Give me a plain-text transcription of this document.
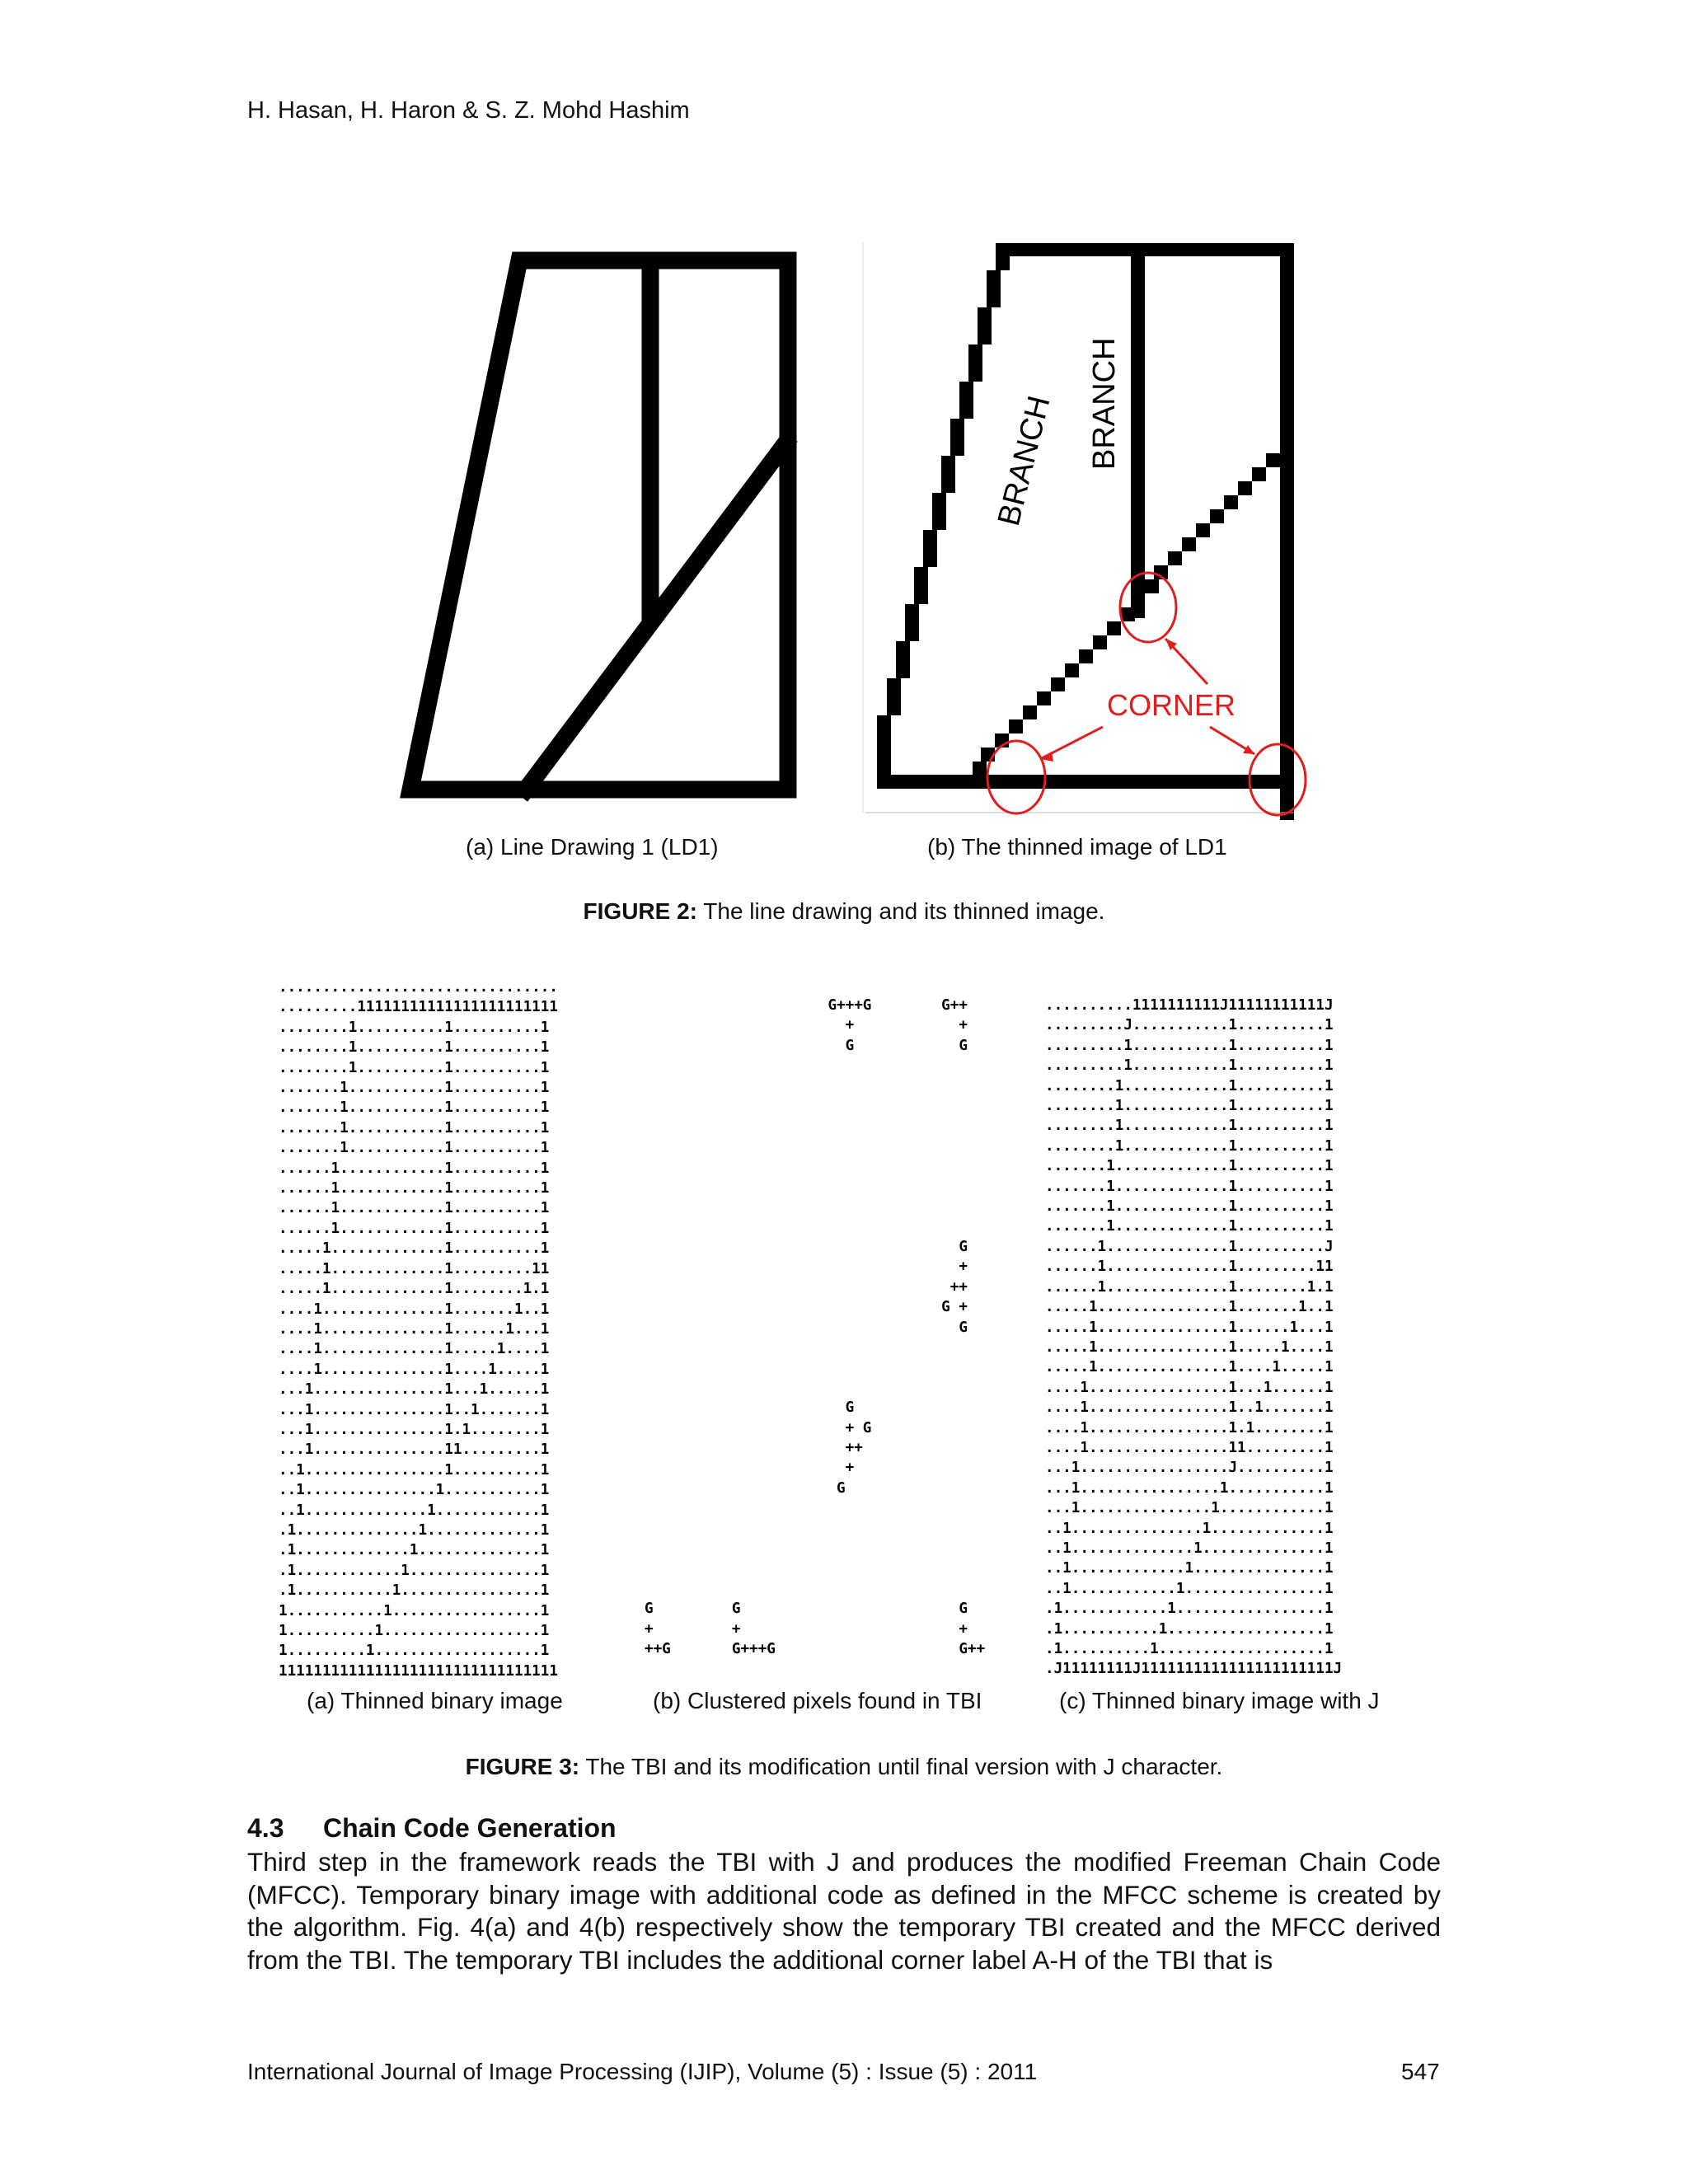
H. Hasan, H. Haron & S. Z. Mohd Hashim
BRANCH BRANCH
CORNER
(a) Line Drawing 1 (LD1)	(b) The thinned image of LD1
FIGURE 2: The line drawing and its thinned image.
................................
.........11111111111111111111111
........1..........1..........1
........1..........1..........1
........1..........1..........1
.......1...........1..........1
.......1...........1..........1
.......1...........1..........1
.......1...........1..........1
......1............1..........1
......1............1..........1
......1............1..........1
......1............1..........1
.....1.............1..........1
.....1.............1.........11
.....1.............1........1.1
....1..............1.......1..1
....1..............1......1...1
....1..............1.....1....1
....1..............1....1.....1
...1...............1...1......1
...1...............1..1.......1
...1...............1.1........1
...1...............11.........1
..1................1..........1
..1...............1...........1
..1..............1............1
.1..............1.............1
.1.............1..............1
.1............1...............1
.1...........1................1
1...........1.................1
1..........1..................1
1.........1...................1
11111111111111111111111111111111
G+++G        G++
+            +
G            G

G
+
++
G +
G

G
+ G
++
+
G

G         G                         G
+         +                         +
++G       G+++G                     G++
..........1111111111J11111111111J
.........J...........1..........1
.........1...........1..........1
.........1...........1..........1
........1............1..........1
........1............1..........1
........1............1..........1
........1............1..........1
.......1.............1..........1
.......1.............1..........1
.......1.............1..........1
.......1.............1..........1
......1..............1..........J
......1..............1.........11
......1..............1........1.1
.....1...............1.......1..1
.....1...............1......1...1
.....1...............1.....1....1
.....1...............1....1.....1
....1................1...1......1
....1................1..1.......1
....1................1.1........1
....1................11.........1
...1.................J..........1
...1................1...........1
...1...............1............1
..1...............1.............1
..1..............1..............1
..1.............1...............1
..1............1................1
.1............1.................1
.1...........1..................1
.1..........1...................1
.J11111111J1111111111111111111111J
(a) Thinned binary image	(b) Clustered pixels found in TBI	(c) Thinned binary image with J
FIGURE 3: The TBI and its modification until final version with J character.
4.3 Chain Code Generation
Third step in the framework reads the TBI with J and produces the modified Freeman Chain Code (MFCC). Temporary binary image with additional code as defined in the MFCC scheme is created by the algorithm. Fig. 4(a) and 4(b) respectively show the temporary TBI created and the MFCC derived from the TBI. The temporary TBI includes the additional corner label A-H of the TBI that is
International Journal of Image Processing (IJIP), Volume (5) : Issue (5) : 2011	547
